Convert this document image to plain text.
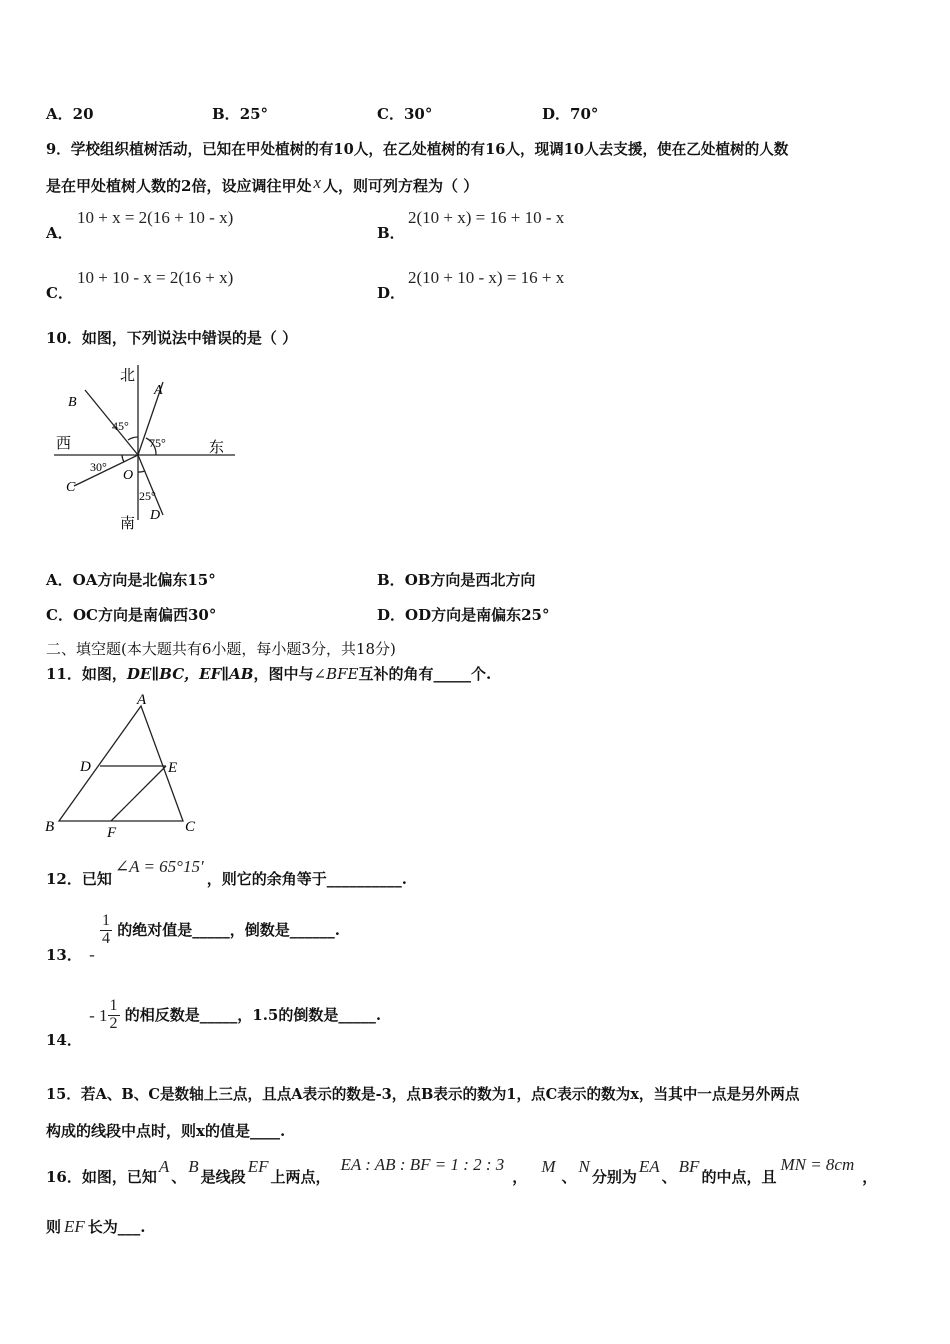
A．20	B．25°	C．30°	D．70°
9．学校组织植树活动，已知在甲处植树的有10人，在乙处植树的有16人，现调10人去支援，使在乙处植树的人数
是在甲处植树人数的2倍，设应调往甲处 x 人，则可列方程为（ ）
A．
10 + x = 2(16 + 10 - x)
B．
2(10 + x) = 16 + 10 - x
C．
10 + 10 - x = 2(16 + x)
D．
2(10 + 10 - x) = 16 + x
10．如图，下列说法中错误的是（ ）
北
南
西	东
A
B
C
D
O
45°
75°
30°
25°
A．OA方向是北偏东15°	B．OB方向是西北方向
C．OC方向是南偏西30°	D．OD方向是南偏东25°
二、填空题(本大题共有6小题，每小题3分，共18分)
11．如图，DE∥BC，EF∥AB，图中与∠BFE互补的角有_____个.
A
B	C
D	E
F
12．已知∠A = 65°15′，则它的余角等于__________.
13． -
$\frac{1}{4}$ 的绝对值是_____，倒数是______.
14． - $1 \frac{1}{2}$ 的相反数是_____，1.5的倒数是_____.
15．若A、B、C是数轴上三点，且点A表示的数是-3，点B表示的数为1，点C表示的数为x，当其中一点是另外两点
构成的线段中点时，则x的值是____.
16．如图，已知A、B是线段EF上两点，EA : AB : BF = 1 : 2 : 3，M、N分别为EA、BF的中点，且MN = 8cm，
则 EF 长为___.
